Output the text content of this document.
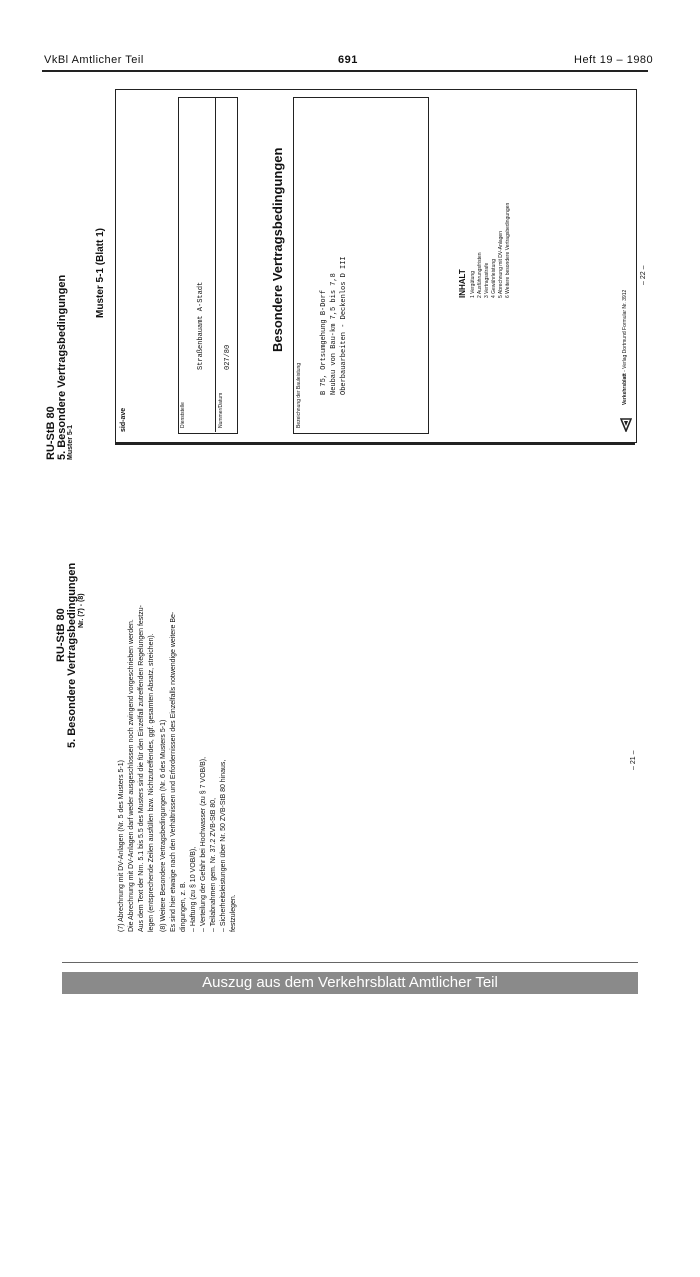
VkBl Amtlicher Teil	691	Heft 19 – 1980
RU-StB 80 5. Besondere Vertragsbedingungen Muster 5-1
Muster 5-1 (Blatt 1)
sid-ave	Dienststelle
Straßenbauamt A-Stadt
Nummer/Datum
027/80
Besondere Vertragsbedingungen
Bezeichnung der Bauleistung
B 75, Ortsumgehung B-Dorf Neubau von Bau-km 7,5 bis 7,8 Oberbauarbeiten - Deckenlos D III	INHALT 1 Vergütung 2 Ausführungsfristen 3 Vertragsstrafe 4 Gewährleistung 5 Abrechnung mit DV-Anlagen 6 Weitere besondere Vertragsbedingungen	– 22 –
Verkehrsblatt - Verlag Dortmund Formular Nr. 3912
RU-StB 80 5. Besondere Vertragsbedingungen Nr. (7) - (8)
(7) Abrechnung mit DV-Anlagen (Nr. 5 des Musters 5-1) Die Abrechnung mit DV-Anlagen darf weder ausgeschlossen noch zwingend vorgeschrieben werden. Aus dem Text der Nrn. 5.1 bis 5.5 des Musters sind die für den Einzelfall zutreffenden Regelungen festzu- legen (entsprechende Zeilen ausfüllen bzw. Nichtzutreffendes, ggf. gesamten Absatz, streichen). (8) Weitere Besondere Vertragsbedingungen (Nr. 6 des Musters 5-1) Es sind hier etwaige nach den Verhältnissen und Erfordernissen des Einzelfalls notwendige weitere Be- dingungen, z. B. – Haftung (zu § 10 VOB/B), – Verteilung der Gefahr bei Hochwasser (zu § 7 VOB/B), – Teilabnahmen gem. Nr. 37.2 ZVB-StB 80, – Sicherheitsleistungen über Nr. 50 ZVB-StB 80 hinaus, festzulegen.
– 21 –
Auszug aus dem Verkehrsblatt Amtlicher Teil
